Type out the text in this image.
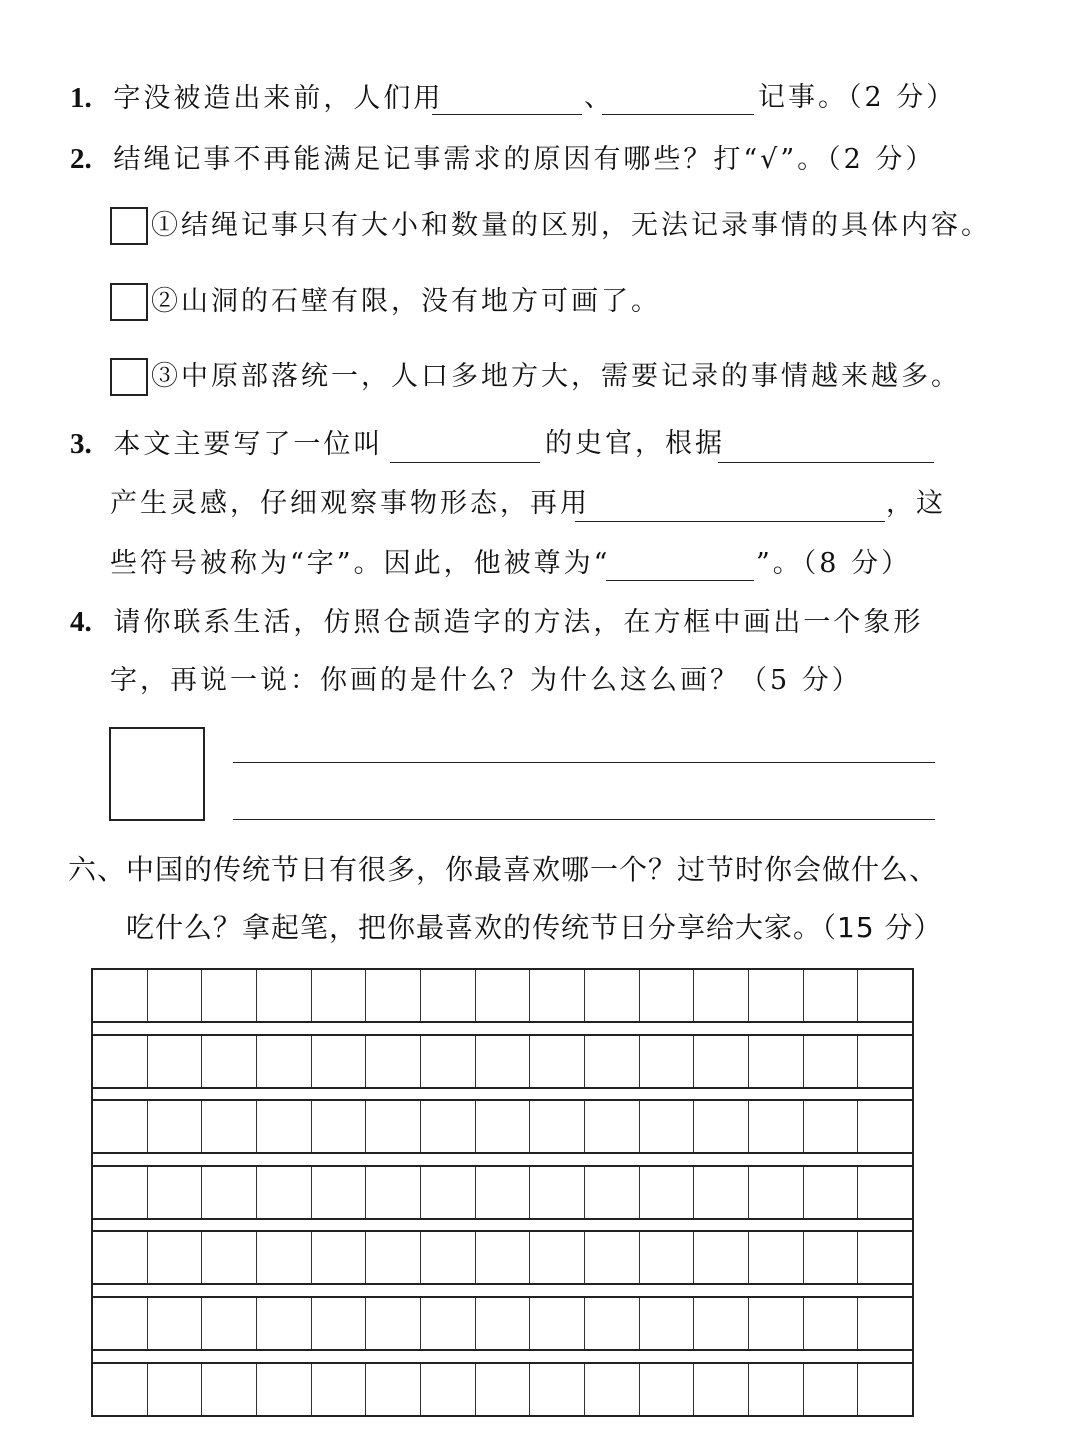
1. 字没被造出来前，人们用	、	记事。（2 分）
2. 结绳记事不再能满足记事需求的原因有哪些？打“√”。（2 分）
①结绳记事只有大小和数量的区别，无法记录事情的具体内容。
②山洞的石壁有限，没有地方可画了。
③中原部落统一，人口多地方大，需要记录的事情越来越多。
3. 本文主要写了一位叫	的史官，根据
产生灵感，仔细观察事物形态，再用	，这
些符号被称为“字”。因此，他被尊为“	”。（8 分）
4. 请你联系生活，仿照仓颉造字的方法，在方框中画出一个象形
字，再说一说：你画的是什么？为什么这么画？（5 分）
六、中国的传统节日有很多，你最喜欢哪一个？过节时你会做什么、
吃什么？拿起笔，把你最喜欢的传统节日分享给大家。（15 分）
